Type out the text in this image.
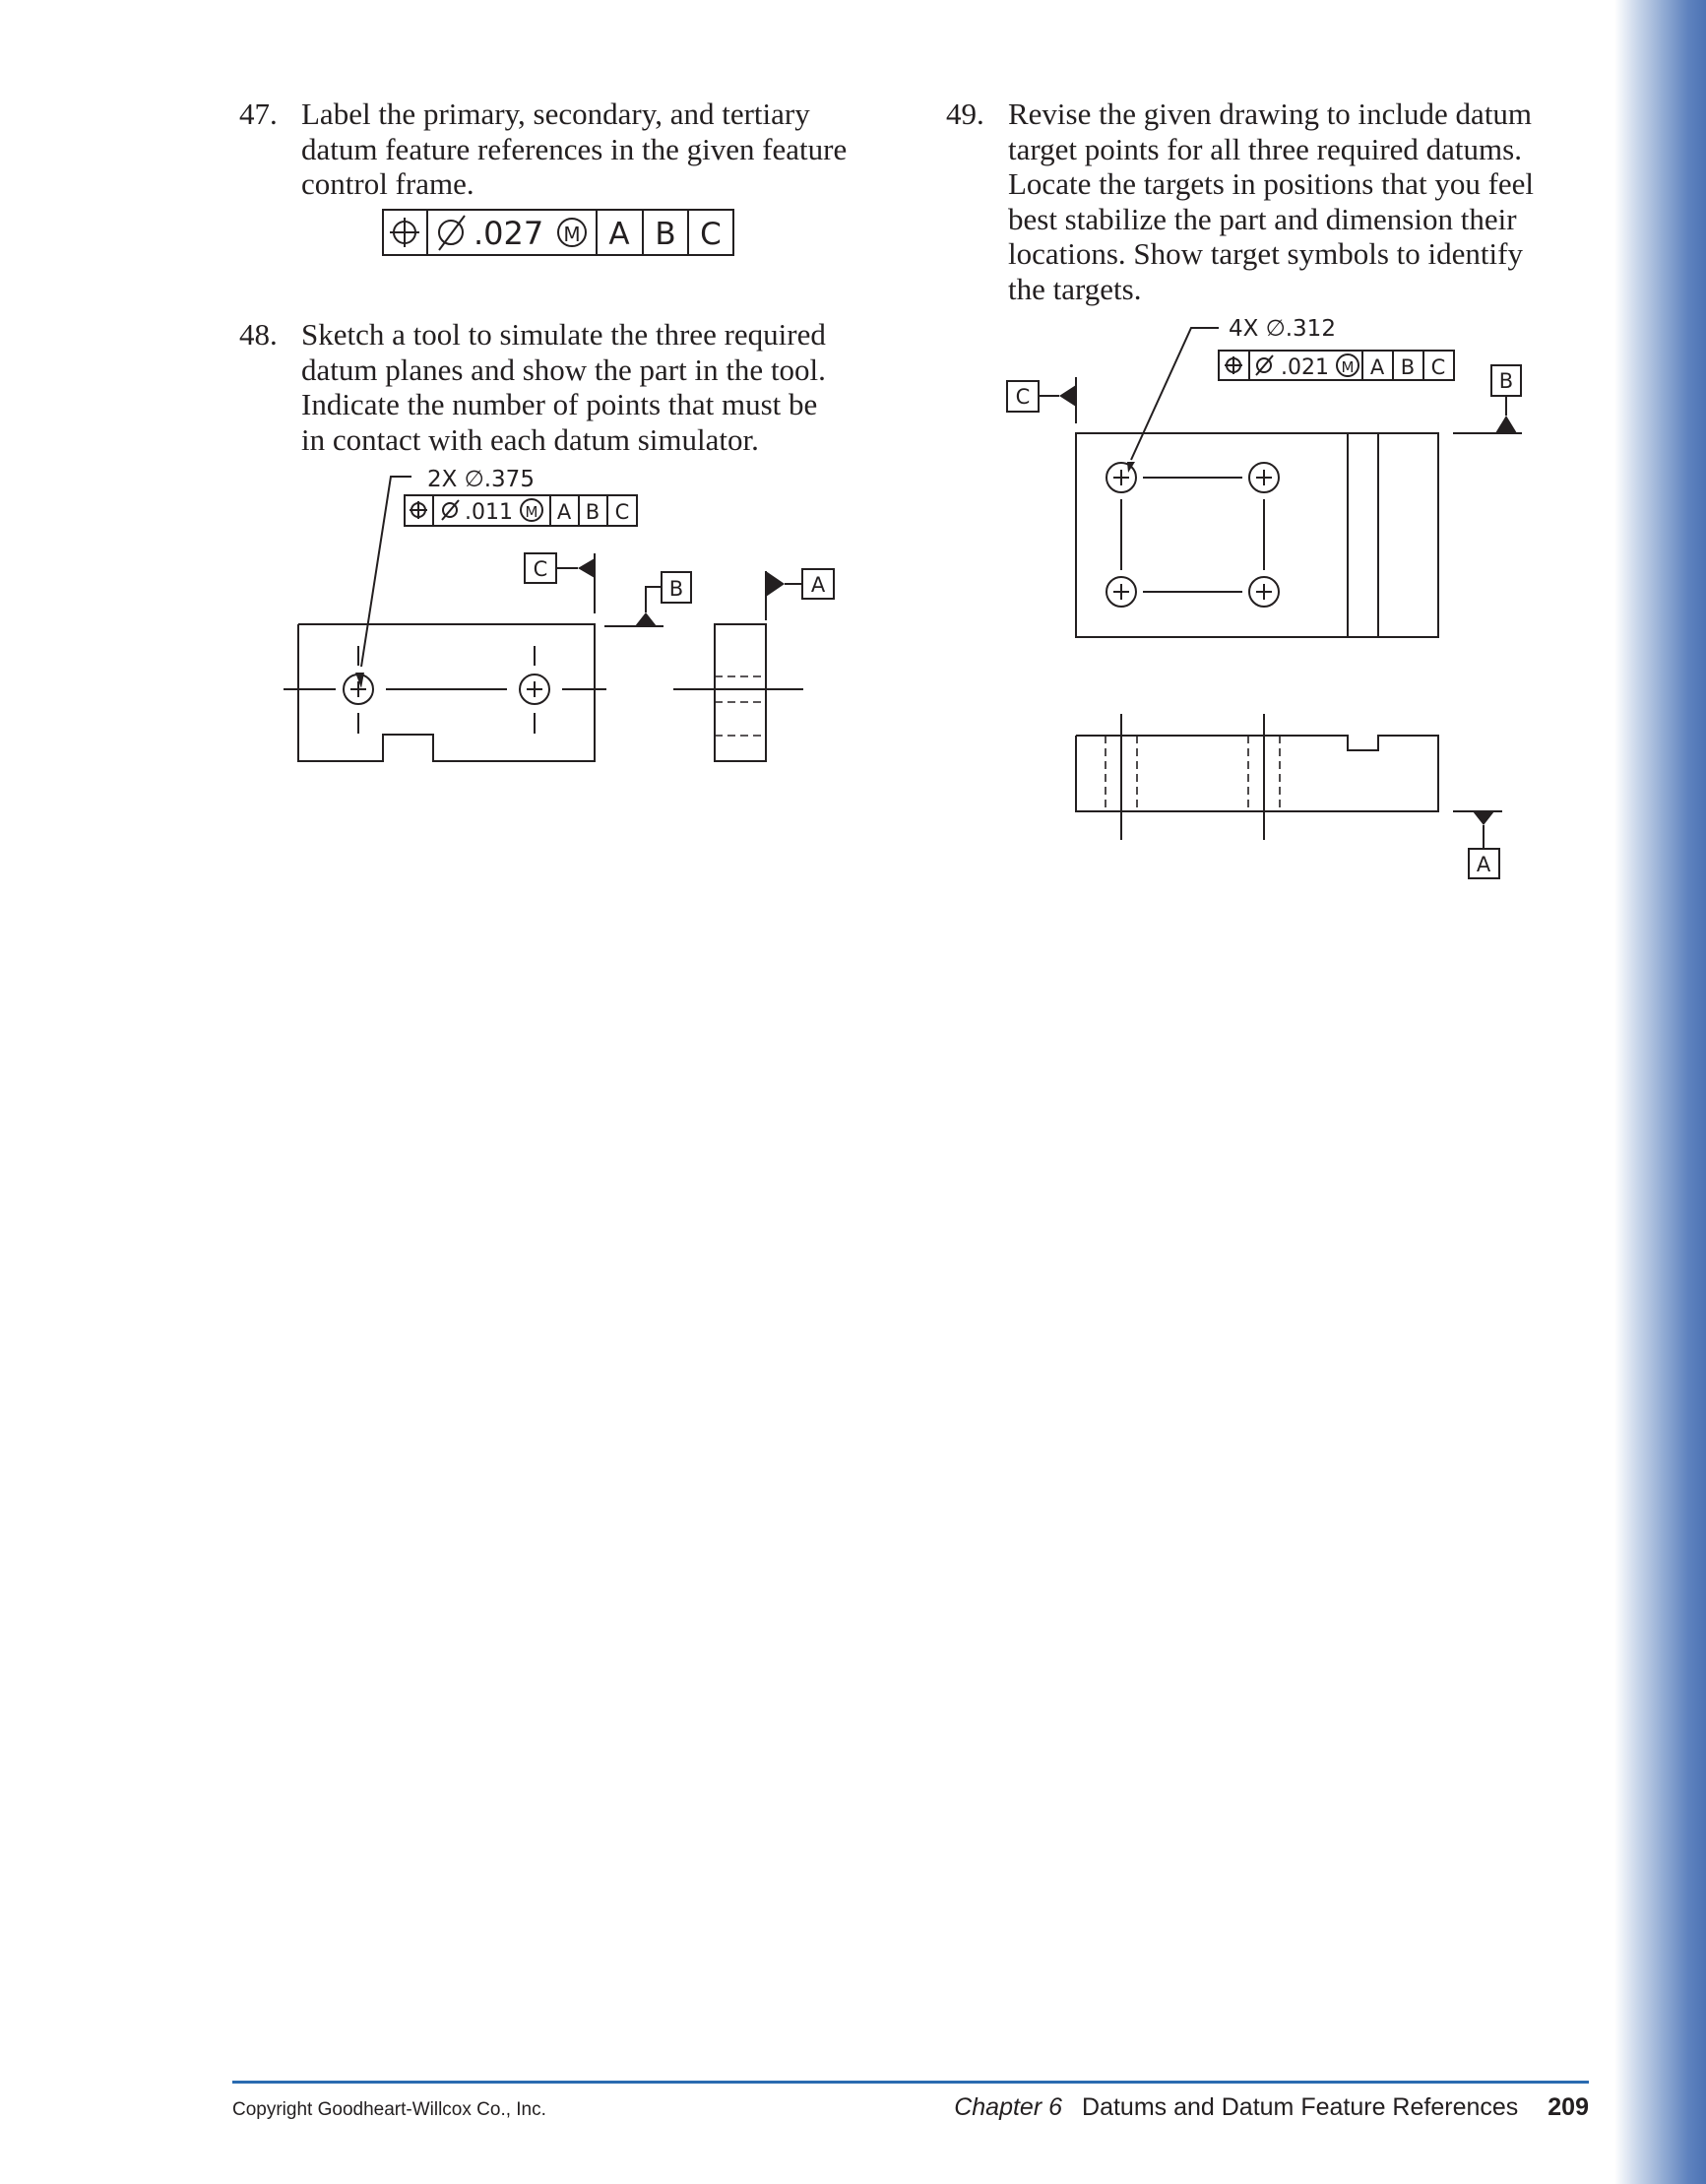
47. Label the primary, secondary, and tertiary
datum feature references in the given feature
control frame.
48. Sketch a tool to simulate the three required
datum planes and show the part in the tool.
Indicate the number of points that must be
in contact with each datum simulator.
49. Revise the given drawing to include datum
target points for all three required datums.
Locate the targets in positions that you feel
best stabilize the part and dimension their
locations. Show target symbols to identify
the targets.
.027 M A B C
2X ∅.375
.011 M A B C
C
B	A
4X ∅.312
.021 M A B C
C
B
A
Copyright Goodheart-Willcox Co., Inc.	Chapter 6 Datums and Datum Feature References 209
